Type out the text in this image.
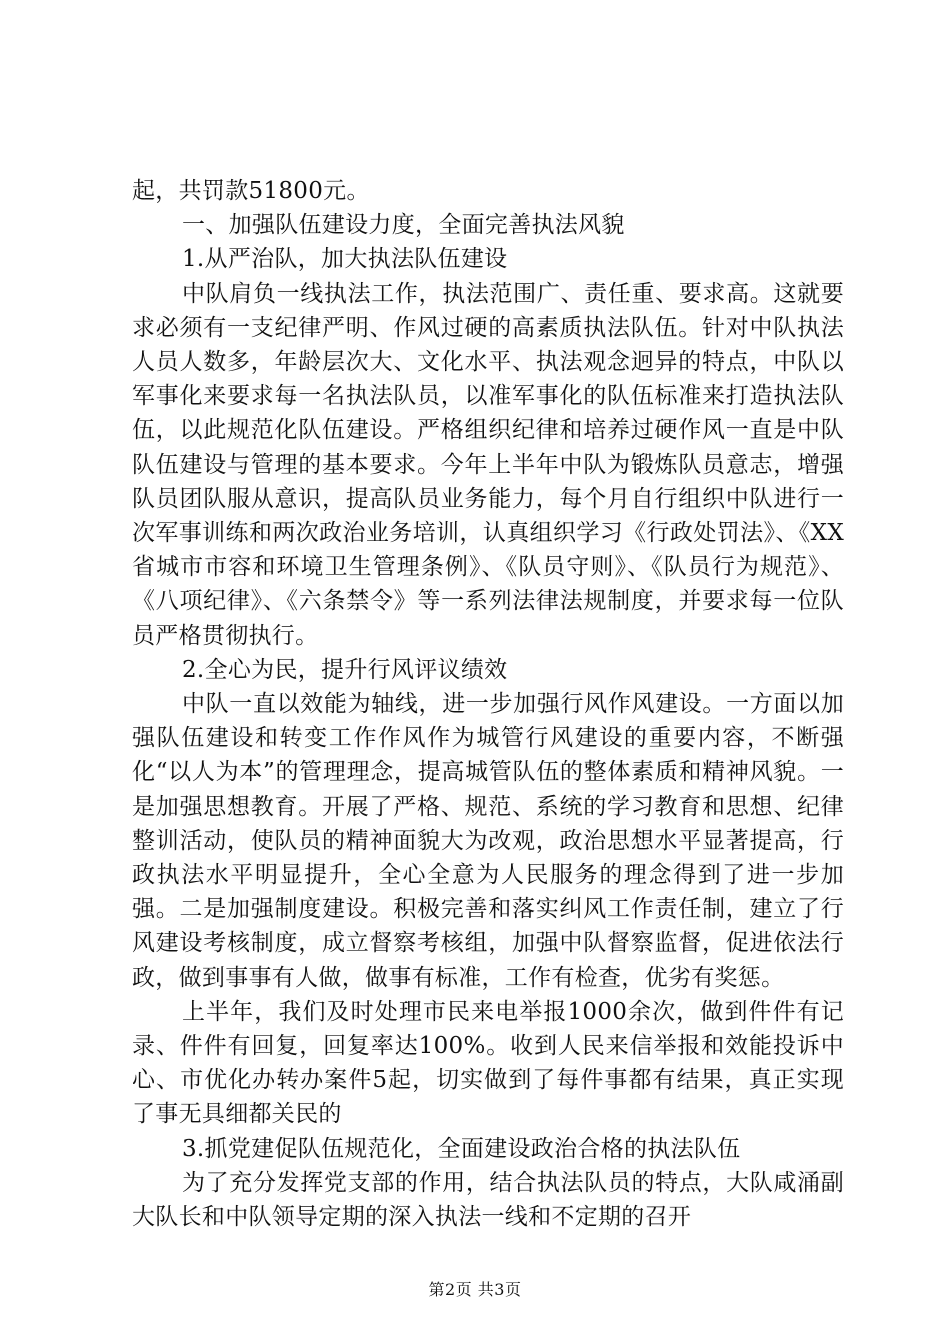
起，共罚款51800元。

一、加强队伍建设力度，全面完善执法风貌

1.从严治队，加大执法队伍建设

中队肩负一线执法工作，执法范围广、责任重、要求高。这就要求必须有一支纪律严明、作风过硬的高素质执法队伍。针对中队执法人员人数多，年龄层次大、文化水平、执法观念迥异的特点，中队以军事化来要求每一名执法队员，以准军事化的队伍标准来打造执法队伍，以此规范化队伍建设。严格组织纪律和培养过硬作风一直是中队队伍建设与管理的基本要求。今年上半年中队为锻炼队员意志，增强队员团队服从意识，提高队员业务能力，每个月自行组织中队进行一次军事训练和两次政治业务培训，认真组织学习《行政处罚法》、《XX省城市市容和环境卫生管理条例》、《队员守则》、《队员行为规范》、《八项纪律》、《六条禁令》等一系列法律法规制度，并要求每一位队员严格贯彻执行。

2.全心为民，提升行风评议绩效

中队一直以效能为轴线，进一步加强行风作风建设。一方面以加强队伍建设和转变工作作风作为城管行风建设的重要内容，不断强化“以人为本”的管理理念，提高城管队伍的整体素质和精神风貌。一是加强思想教育。开展了严格、规范、系统的学习教育和思想、纪律整训活动，使队员的精神面貌大为改观，政治思想水平显著提高，行政执法水平明显提升，全心全意为人民服务的理念得到了进一步加强。二是加强制度建设。积极完善和落实纠风工作责任制，建立了行风建设考核制度，成立督察考核组，加强中队督察监督，促进依法行政，做到事事有人做，做事有标准，工作有检查，优劣有奖惩。

上半年，我们及时处理市民来电举报1000余次，做到件件有记录、件件有回复，回复率达100%。收到人民来信举报和效能投诉中心、市优化办转办案件5起，切实做到了每件事都有结果，真正实现了事无具细都关民的

3.抓党建促队伍规范化，全面建设政治合格的执法队伍

为了充分发挥党支部的作用，结合执法队员的特点，大队咸涌副大队长和中队领导定期的深入执法一线和不定期的召开

第2页 共3页
